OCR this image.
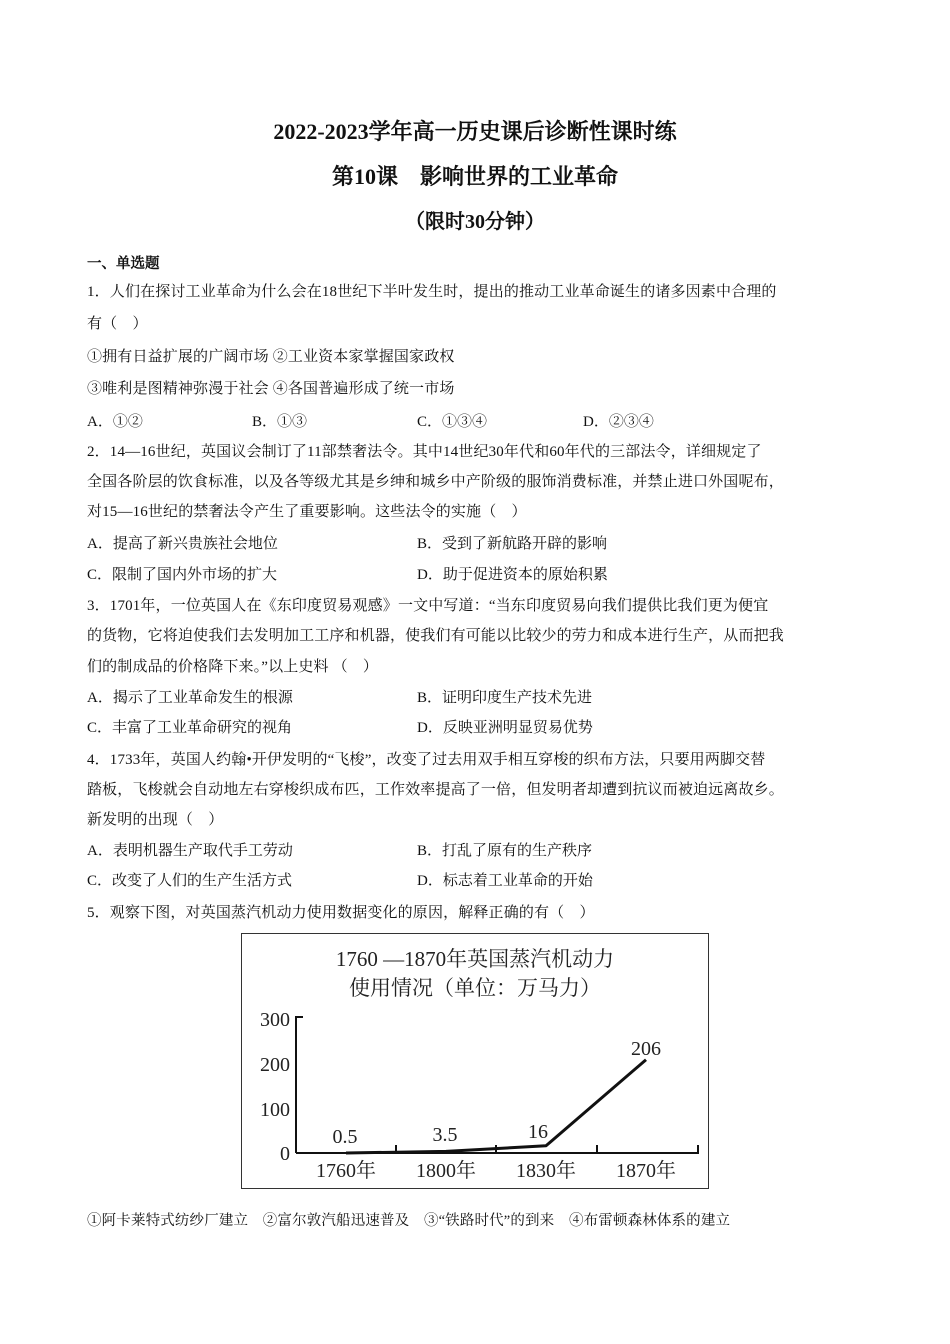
2022-2023学年高一历史课后诊断性课时练
第10课　影响世界的工业革命
（限时30分钟）
一、单选题
1．人们在探讨工业革命为什么会在18世纪下半叶发生时，提出的推动工业革命诞生的诸多因素中合理的
有（　）
①拥有日益扩展的广阔市场 ②工业资本家掌握国家政权
③唯利是图精神弥漫于社会 ④各国普遍形成了统一市场
A．①②	B．①③	C．①③④	D．②③④
2．14—16世纪，英国议会制订了11部禁奢法令。其中14世纪30年代和60年代的三部法令，详细规定了
全国各阶层的饮食标准，以及各等级尤其是乡绅和城乡中产阶级的服饰消费标准，并禁止进口外国呢布，
对15—16世纪的禁奢法令产生了重要影响。这些法令的实施（　）
A．提高了新兴贵族社会地位	B．受到了新航路开辟的影响
C．限制了国内外市场的扩大	D．助于促进资本的原始积累
3．1701年，一位英国人在《东印度贸易观感》一文中写道：“当东印度贸易向我们提供比我们更为便宜
的货物，它将迫使我们去发明加工工序和机器，使我们有可能以比较少的劳力和成本进行生产，从而把我
们的制成品的价格降下来。”以上史料 （　）
A．揭示了工业革命发生的根源	B．证明印度生产技术先进
C．丰富了工业革命研究的视角	D．反映亚洲明显贸易优势
4．1733年，英国人约翰•开伊发明的“飞梭”，改变了过去用双手相互穿梭的织布方法，只要用两脚交替
踏板，飞梭就会自动地左右穿梭织成布匹，工作效率提高了一倍，但发明者却遭到抗议而被迫远离故乡。
新发明的出现（　）
A．表明机器生产取代手工劳动	B．打乱了原有的生产秩序
C．改变了人们的生产生活方式	D．标志着工业革命的开始
5．观察下图，对英国蒸汽机动力使用数据变化的原因，解释正确的有（　）
1760 —1870年英国蒸汽机动力
使用情况（单位：万马力）
300
200
100
0
0.5	3.5	16
206
1760年 1800年 1830年 1870年
①阿卡莱特式纺纱厂建立　②富尔敦汽船迅速普及　③“铁路时代”的到来　④布雷顿森林体系的建立
